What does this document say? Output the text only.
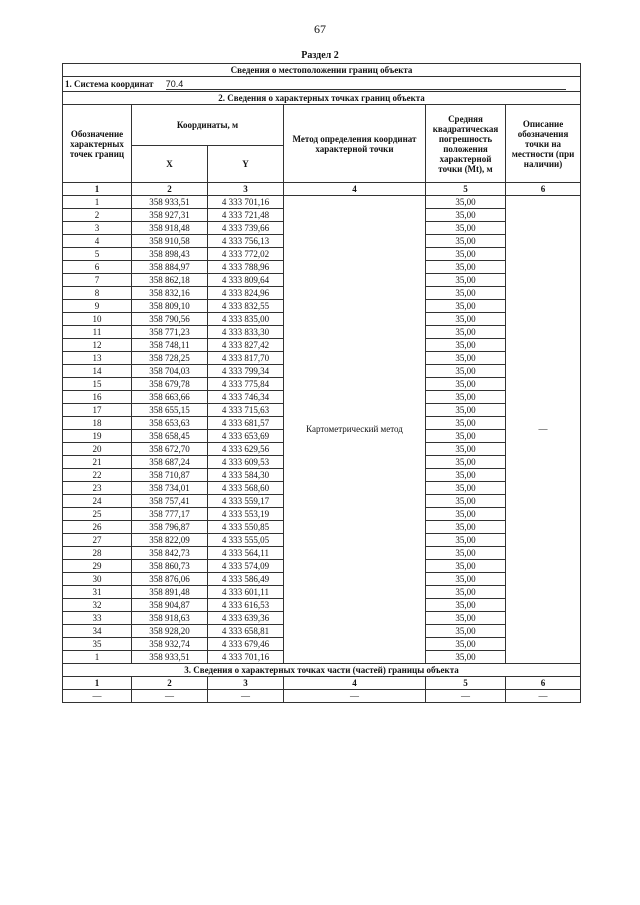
67
Раздел 2
Сведения о местоположении границ объекта					
1. Система координат 70.4					
2. Сведения о характерных точках границ объекта					
Обозначение характерных точек границ	Координаты, м		Метод определения координат характерной точки	Средняя квадратическая погрешность положения характерной точки (Mt), м	Описание обозначения точки на местности (при наличии)
	X	Y			
1	2	3	4	5	6
1	358 933,51	4 333 701,16	Картометрический метод	35,00	—
2	358 927,31	4 333 721,48		35,00	
3	358 918,48	4 333 739,66		35,00	
4	358 910,58	4 333 756,13		35,00	
5	358 898,43	4 333 772,02		35,00	
6	358 884,97	4 333 788,96		35,00	
7	358 862,18	4 333 809,64		35,00	
8	358 832,16	4 333 824,96		35,00	
9	358 809,10	4 333 832,55		35,00	
10	358 790,56	4 333 835,00		35,00	
11	358 771,23	4 333 833,30		35,00	
12	358 748,11	4 333 827,42		35,00	
13	358 728,25	4 333 817,70		35,00	
14	358 704,03	4 333 799,34		35,00	
15	358 679,78	4 333 775,84		35,00	
16	358 663,66	4 333 746,34		35,00	
17	358 655,15	4 333 715,63		35,00	
18	358 653,63	4 333 681,57		35,00	
19	358 658,45	4 333 653,69		35,00	
20	358 672,70	4 333 629,56		35,00	
21	358 687,24	4 333 609,53		35,00	
22	358 710,87	4 333 584,30		35,00	
23	358 734,01	4 333 568,60		35,00	
24	358 757,41	4 333 559,17		35,00	
25	358 777,17	4 333 553,19		35,00	
26	358 796,87	4 333 550,85		35,00	
27	358 822,09	4 333 555,05		35,00	
28	358 842,73	4 333 564,11		35,00	
29	358 860,73	4 333 574,09		35,00	
30	358 876,06	4 333 586,49		35,00	
31	358 891,48	4 333 601,11		35,00	
32	358 904,87	4 333 616,53		35,00	
33	358 918,63	4 333 639,36		35,00	
34	358 928,20	4 333 658,81		35,00	
35	358 932,74	4 333 679,46		35,00	
1	358 933,51	4 333 701,16		35,00	
3. Сведения о характерных точках части (частей) границы объекта					
1	2	3	4	5	6
—	—	—	—	—	—
